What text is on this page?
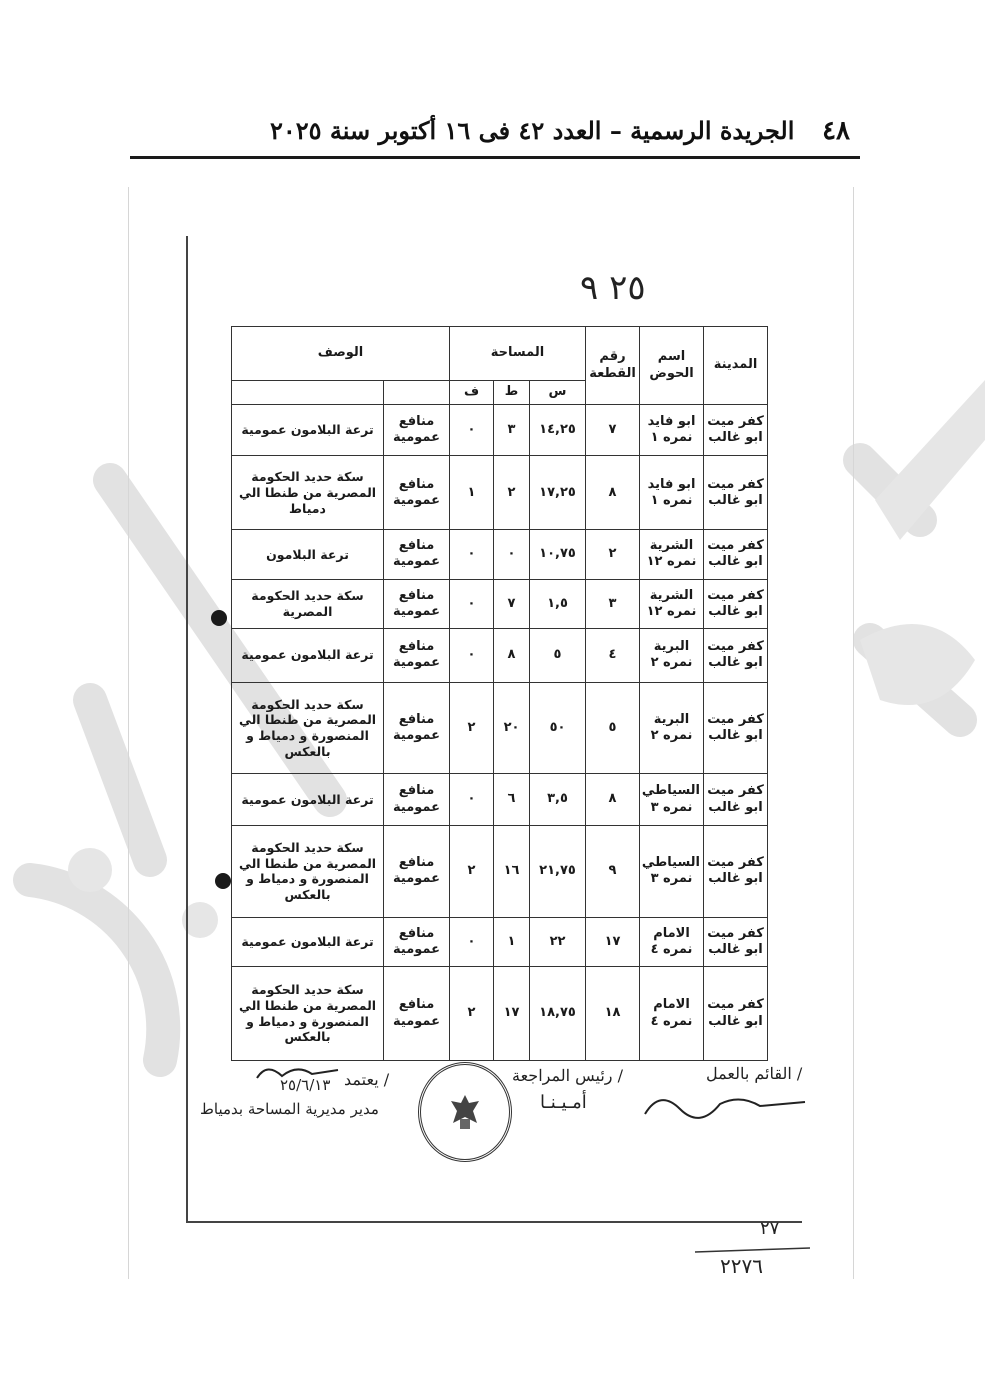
٤٨
الجريدة الرسمية – العدد ٤٢ فى ١٦ أكتوبر سنة ٢٠٢٥
٢٥ ٩
المدينة	اسم الحوض	رقم القطعة	المساحة			الوصف	
			س	ط	ف		
كفر ميت ابو غالب	ابو فايد نمره ١	٧	١٤,٢٥	٣	٠	منافع عمومية	ترعة البلامون عمومية
كفر ميت ابو غالب	ابو فايد نمره ١	٨	١٧,٢٥	٢	١	منافع عمومية	سكة حديد الحكومة المصرية من طنطا الي دمياط
كفر ميت ابو غالب	الشرية نمره ١٢	٢	١٠,٧٥	٠	٠	منافع عمومية	ترعة البلامون
كفر ميت ابو غالب	الشرية نمره ١٢	٣	١,٥	٧	٠	منافع عمومية	سكة حديد الحكومة المصرية
كفر ميت ابو غالب	البرية نمره ٢	٤	٥	٨	٠	منافع عمومية	ترعة البلامون عمومية
كفر ميت ابو غالب	البرية نمره ٢	٥	٥٠	٢٠	٢	منافع عمومية	سكة حديد الحكومة المصرية من طنطا الي المنصورة و دمياط و بالعكس
كفر ميت ابو غالب	السياطي نمره ٣	٨	٣,٥	٦	٠	منافع عمومية	ترعة البلامون عمومية
كفر ميت ابو غالب	السياطي نمره ٣	٩	٢١,٧٥	١٦	٢	منافع عمومية	سكة حديد الحكومة المصرية من طنطا الي المنصورة و دمياط و بالعكس
كفر ميت ابو غالب	الامام نمره ٤	١٧	٢٢	١	٠	منافع عمومية	ترعة البلامون عمومية
كفر ميت ابو غالب	الامام نمره ٤	١٨	١٨,٧٥	١٧	٢	منافع عمومية	سكة حديد الحكومة المصرية من طنطا الي المنصورة و دمياط و بالعكس
القائم بالعمل /
رئيس المراجعة /
أمـيـنـا
يعتمد /
٢٥/٦/١٣
مدير مديرية المساحة بدمياط
٢٧
٢٢٧٦
